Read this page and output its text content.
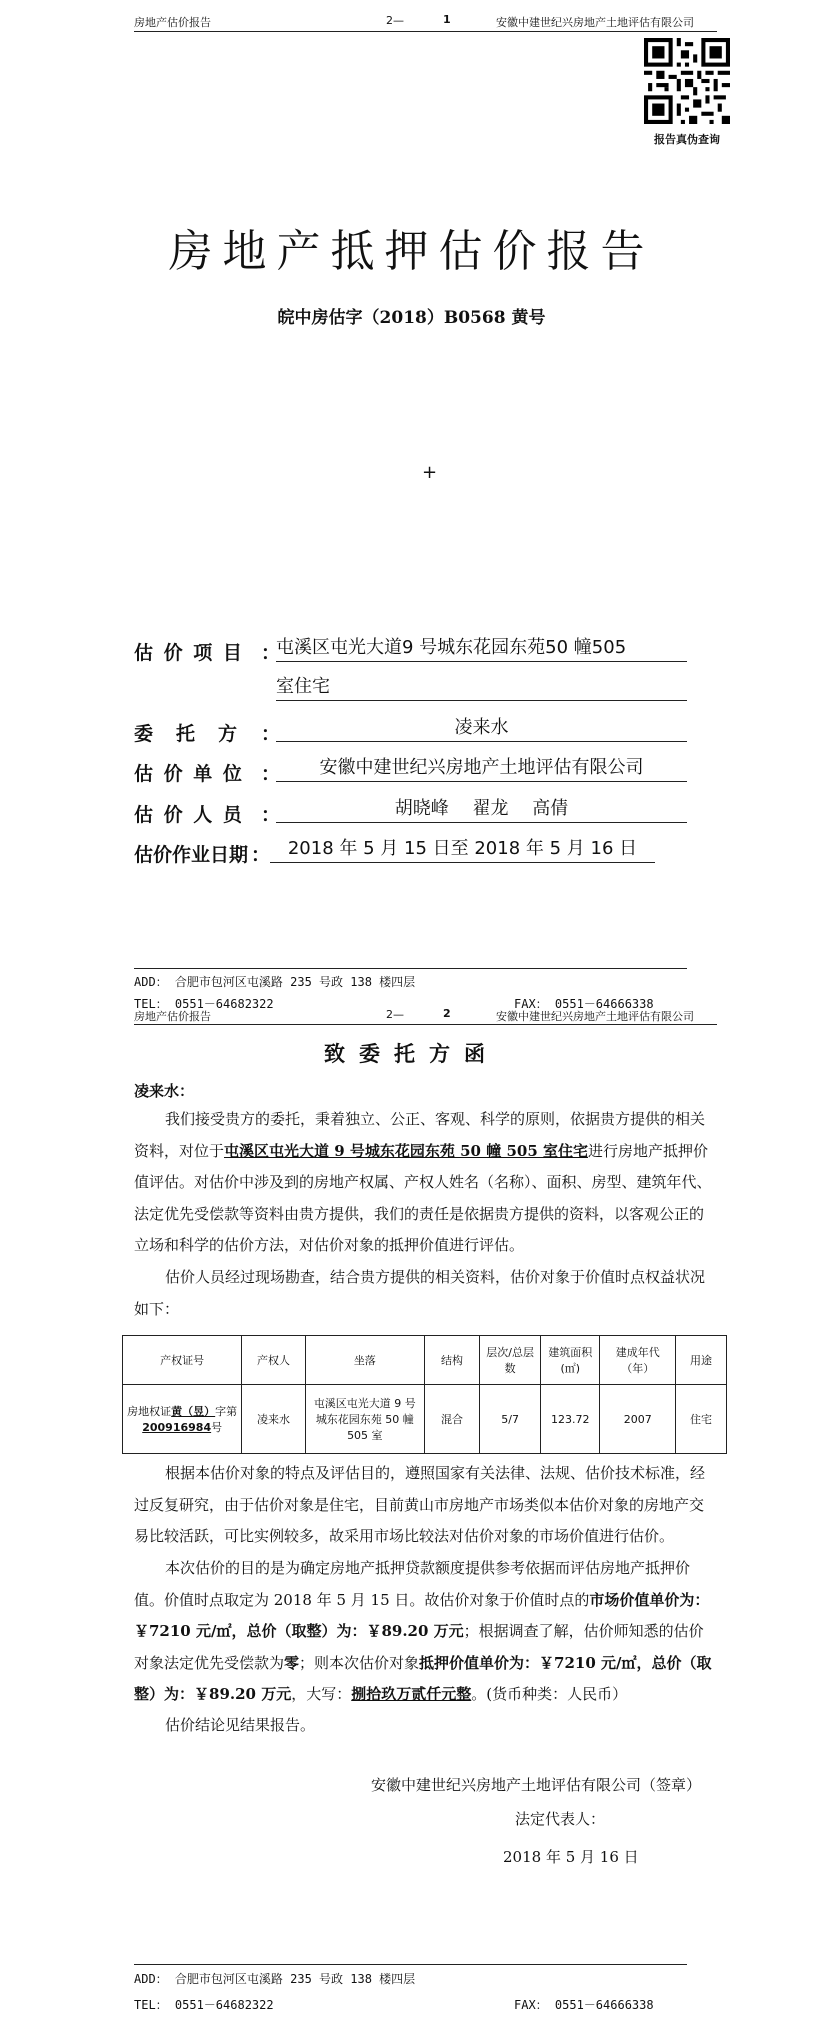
房地产估价报告	2—	1	安徽中建世纪兴房地产土地评估有限公司
报告真伪查询
房地产抵押估价报告
皖中房估字（2018）B0568 黄号
+
估 价 项 目 ：
屯溪区屯光大道9 号城东花园东苑50 幢505
室住宅
委　托　方 ：	凌来水
估 价 单 位 ：	安徽中建世纪兴房地产土地评估有限公司
估 价 人 员 ：	胡晓峰　 翟龙　 高倩
估价作业日期 ： 2018 年 5 月 15 日至 2018 年 5 月 16 日
ADD： 合肥市包河区屯溪路 235 号政 138 楼四层
TEL： 0551－64682322	FAX： 0551－64666338
房地产估价报告	2—	2	安徽中建世纪兴房地产土地评估有限公司
致委托方函
凌来水：

我们接受贵方的委托，秉着独立、公正、客观、科学的原则，依据贵方提供的相关资料，对位于屯溪区屯光大道 9 号城东花园东苑 50 幢 505 室住宅进行房地产抵押价值评估。对估价中涉及到的房地产权属、产权人姓名（名称）、面积、房型、建筑年代、法定优先受偿款等资料由贵方提供，我们的责任是依据贵方提供的资料，以客观公正的立场和科学的估价方法，对估价对象的抵押价值进行评估。

估价人员经过现场勘查，结合贵方提供的相关资料，估价对象于价值时点权益状况如下：

产权证号	产权人	坐落	结构	层次/总层数	建筑面积(㎡)	建成年代（年）	用途
房地权证黄（昱）字第
200916984号	凌来水	屯溪区屯光大道 9 号城东花园东苑 50 幢 505 室	混合	5/7	123.72	2007	住宅

根据本估价对象的特点及评估目的，遵照国家有关法律、法规、估价技术标准，经过反复研究，由于估价对象是住宅，目前黄山市房地产市场类似本估价对象的房地产交易比较活跃，可比实例较多，故采用市场比较法对估价对象的市场价值进行估价。

本次估价的目的是为确定房地产抵押贷款额度提供参考依据而评估房地产抵押价值。价值时点取定为 2018 年 5 月 15 日。故估价对象于价值时点的市场价值单价为：￥7210 元/㎡，总价（取整）为：￥89.20 万元；根据调查了解，估价师知悉的估价对象法定优先受偿款为零；则本次估价对象抵押价值单价为：￥7210 元/㎡，总价（取整）为：￥89.20 万元，大写：捌拾玖万贰仟元整。(货币种类：人民币）

估价结论见结果报告。

安徽中建世纪兴房地产土地评估有限公司（签章）
法定代表人：
2018 年 5 月 16 日
ADD： 合肥市包河区屯溪路 235 号政 138 楼四层
TEL： 0551－64682322	FAX： 0551－64666338
